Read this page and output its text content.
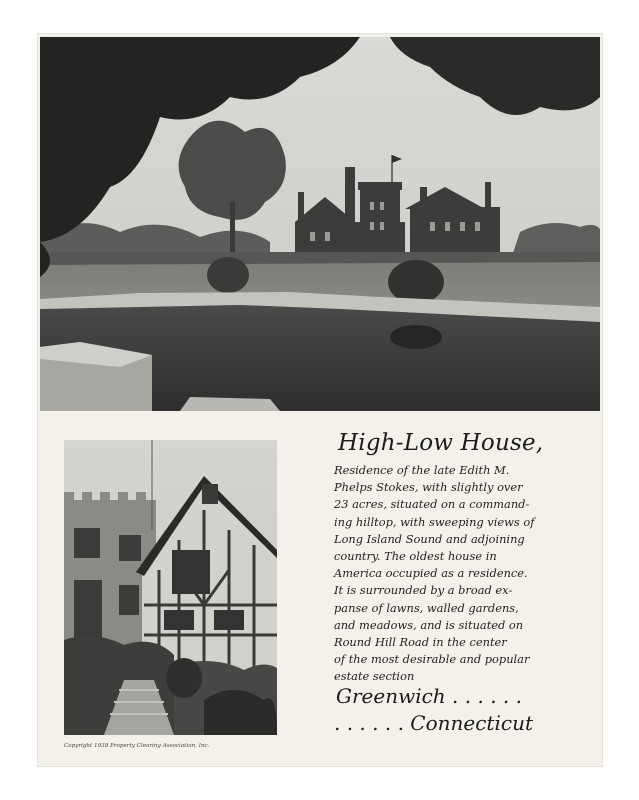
Copyright 1938 Property Clearing Association, Inc.
High-Low House,
Residence of the late Edith M.
Phelps Stokes, with slightly over
23 acres, situated on a command-
ing hilltop, with sweeping views of
Long Island Sound and adjoining
country. The oldest house in
America occupied as a residence.
It is surrounded by a broad ex-
panse of lawns, walled gardens,
and meadows, and is situated on
Round Hill Road in the center
of the most desirable and popular
estate section
Greenwich . . . . . .
. . . . . . Connecticut
